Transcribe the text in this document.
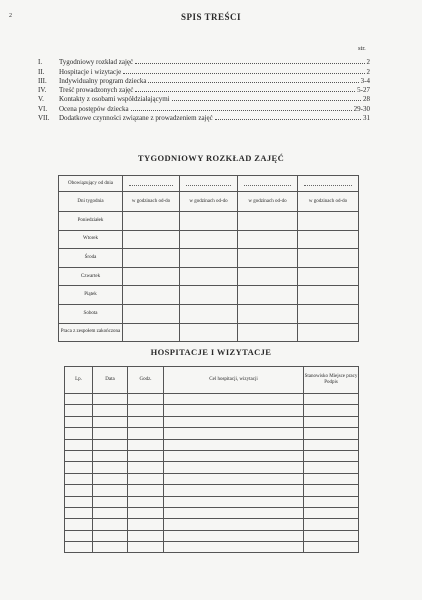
2	SPIS TREŚCI
str.
I.	Tygodniowy rozkład zajęć	2
II.	Hospitacje i wizytacje	2
III.	Indywidualny program dziecka	3-4
IV.	Treść prowadzonych zajęć	5-27
V.	Kontakty z osobami współdziałającymi	28
VI.	Ocena postępów dziecka	29-30
VII.	Dodatkowe czynności związane z prowadzeniem zajęć	31
TYGODNIOWY ROZKŁAD ZAJĘĆ
Obowiązujący od dnia				
Dni tygodnia	w godzinach od-do	w godzinach od-do	w godzinach od-do	w godzinach od-do
Poniedziałek				
Wtorek				
Środa				
Czwartek				
Piątek				
Sobota				
Praca z zespołem zakończona				
HOSPITACJE I WIZYTACJE
Lp.	Data	Godz.	Cel hospitacji, wizytacji	Stanowisko Miejsce pracy Podpis
